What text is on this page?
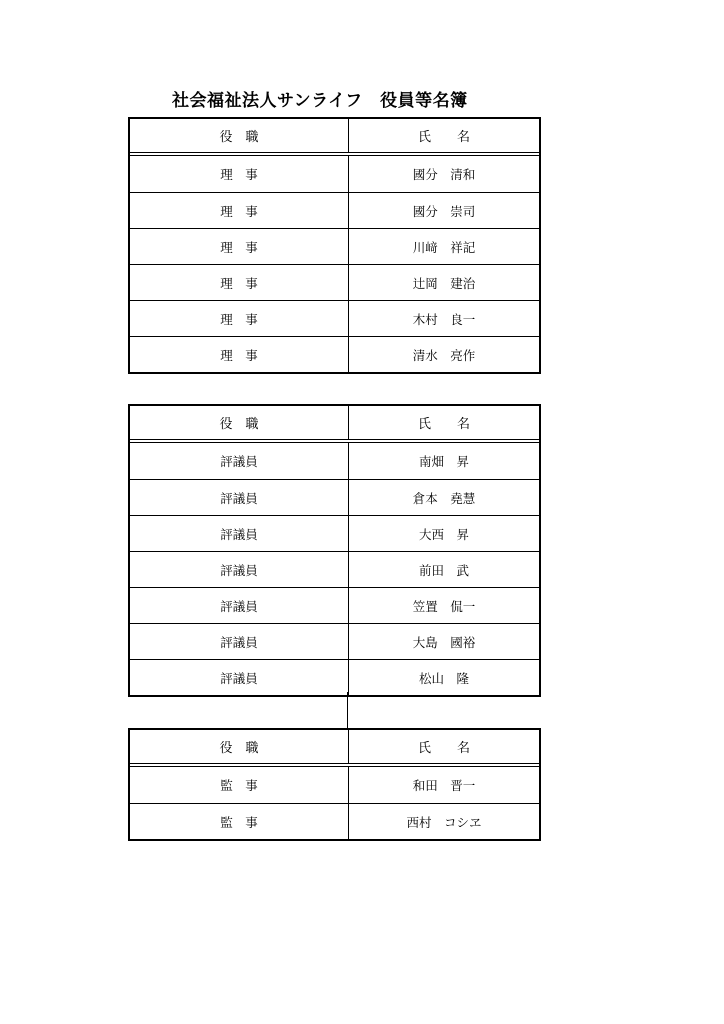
社会福祉法人サンライフ　役員等名簿
役　職	氏　　名
理　事	國分　清和
理　事	國分　崇司
理　事	川﨑　祥記
理　事	辻岡　建治
理　事	木村　良一
理　事	清水　亮作
役　職	氏　　名
評議員	南畑　昇
評議員	倉本　堯慧
評議員	大西　昇
評議員	前田　武
評議員	笠置　侃一
評議員	大島　國裕
評議員	松山　隆
役　職	氏　　名
監　事	和田　晋一
監　事	西村　コシヱ
